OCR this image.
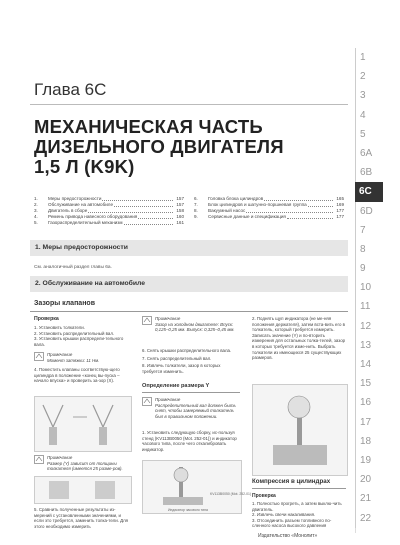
Глава 6C
МЕХАНИЧЕСКАЯ ЧАСТЬ
ДИЗЕЛЬНОГО ДВИГАТЕЛЯ
1,5 Л (K9K)
1.	Меры предосторожности	157
2.	Обслуживание на автомобиле	157
3.	Двигатель в сборе	158
4.	Ремень привода навесного оборудования	160
5.	Газораспределительный механизм	161
6.	Головка блока цилиндров	165
7.	Блок цилиндров и шатунно-поршневая группа	169
8.	Вакуумный насос	177
9.	Сервисные данные и спецификация	177
1. Меры предосторожности
См. аналогичный раздел главы 6а.
2. Обслуживание на автомобиле
Зазоры клапанов
Проверка
1. Установить толкатели.
2. Установить распределительный вал.
3. Установить крышки распредели-тельного вала.
Примечание
Момент затяжки: 11 Нм.
4. Поместить клапаны соответствую-щего цилиндра в положение «конец вы-пуска – начало впуска» и проверить за-зор (X).
Примечание
Размер (Y) зависит от толщины толкателя (имеется 25 разме-ров).
5. Сравнить полученные результаты из-мерений с установленными значениями, и если это требуется, заменить толка-тели. Для этого необходимо измерить
Примечание
Зазор на холодном двигателе: Впуск: 0,125–0,25 мм. Выпуск: 0,325–0,45 мм.
6. Снять крышки распределительного вала.
7. Снять распределительный вал.
8. Извлечь толкатели, зазор в которых требуется изменить.
Определение размера Y
Примечание
Распределительный вал должен быть снят, чтобы замеряемый толкатель был в правильном положении.
1. Установить следующую сборку, ис-пользуя стенд (KV113B0050 (Mot. 252-01)) и индикатор часового типа, после чего откалибровать индикатор.
KV113B0050 (Mot. 252-01)
Индикатор часового типа
2. Поднять щуп индикатора (не ме-няя положения держателя), затем вста-вить его в толкатель, который требуется измерить. Записать значение (Y) и по-вторить измерения для остальных толка-телей, зазор в которых требуется изме-нить. Выбрать толкатели из имеющихся 25 существующих размеров.
Компрессия в цилиндрах
Проверка
1. Полностью прогреть, а затем выклю-чить двигатель.
2. Извлечь свечи накаливания.
3. Отсоединить разъем топливного по-сленного насоса высокого давления
Издательство «Монолит»
1
2
3
4
5
6A
6B
6C
6D
7
8
9
10
11
12
13
14
15
16
17
18
19
20
21
22
